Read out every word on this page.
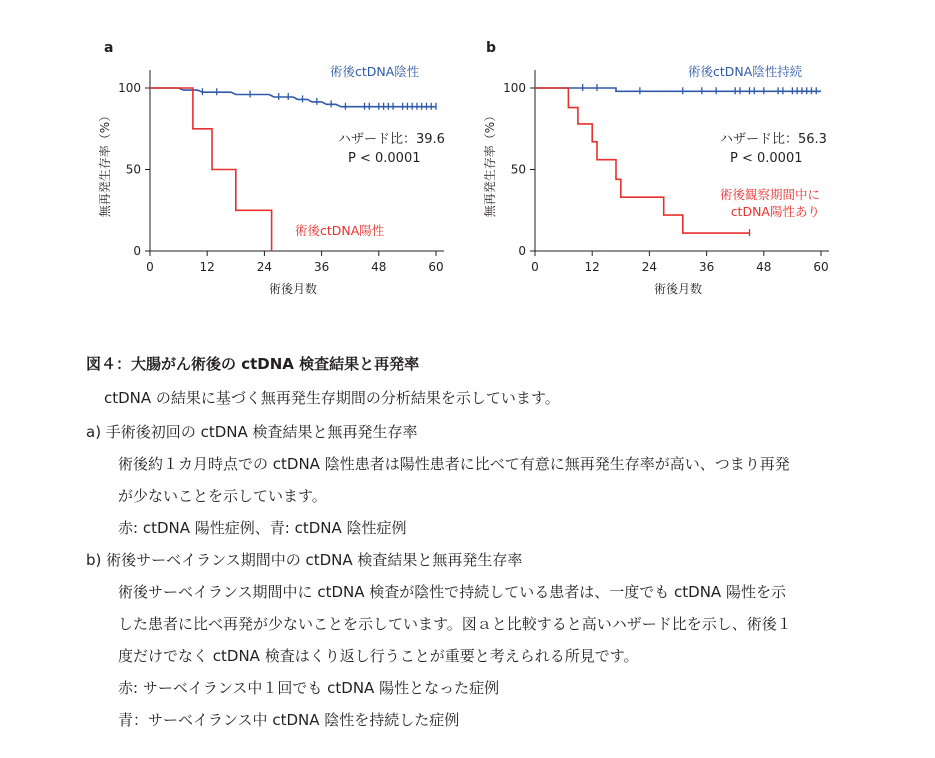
a
0	12	24	36	48	60
0
50
100
術後月数
無再発生存率（%）
術後ctDNA陰性
術後ctDNA陽性
ハザード比：39.6
P < 0.0001
b
0	12	24	36	48	60
0
50
100
術後月数
無再発生存率（%）
術後ctDNA陰性持続
術後観察期間中に
ctDNA陽性あり
ハザード比：56.3
P < 0.0001
図４：大腸がん術後の ctDNA 検査結果と再発率
ctDNA の結果に基づく無再発生存期間の分析結果を示しています。
a) 手術後初回の ctDNA 検査結果と無再発生存率
術後約１カ月時点での ctDNA 陰性患者は陽性患者に比べて有意に無再発生存率が高い、つまり再発
が少ないことを示しています。
赤: ctDNA 陽性症例、青: ctDNA 陰性症例
b) 術後サーベイランス期間中の ctDNA 検査結果と無再発生存率
術後サーベイランス期間中に ctDNA 検査が陰性で持続している患者は、一度でも ctDNA 陽性を示
した患者に比べ再発が少ないことを示しています。図ａと比較すると高いハザード比を示し、術後１
度だけでなく ctDNA 検査はくり返し行うことが重要と考えられる所見です。
赤: サーベイランス中１回でも ctDNA 陽性となった症例
青：サーベイランス中 ctDNA 陰性を持続した症例
